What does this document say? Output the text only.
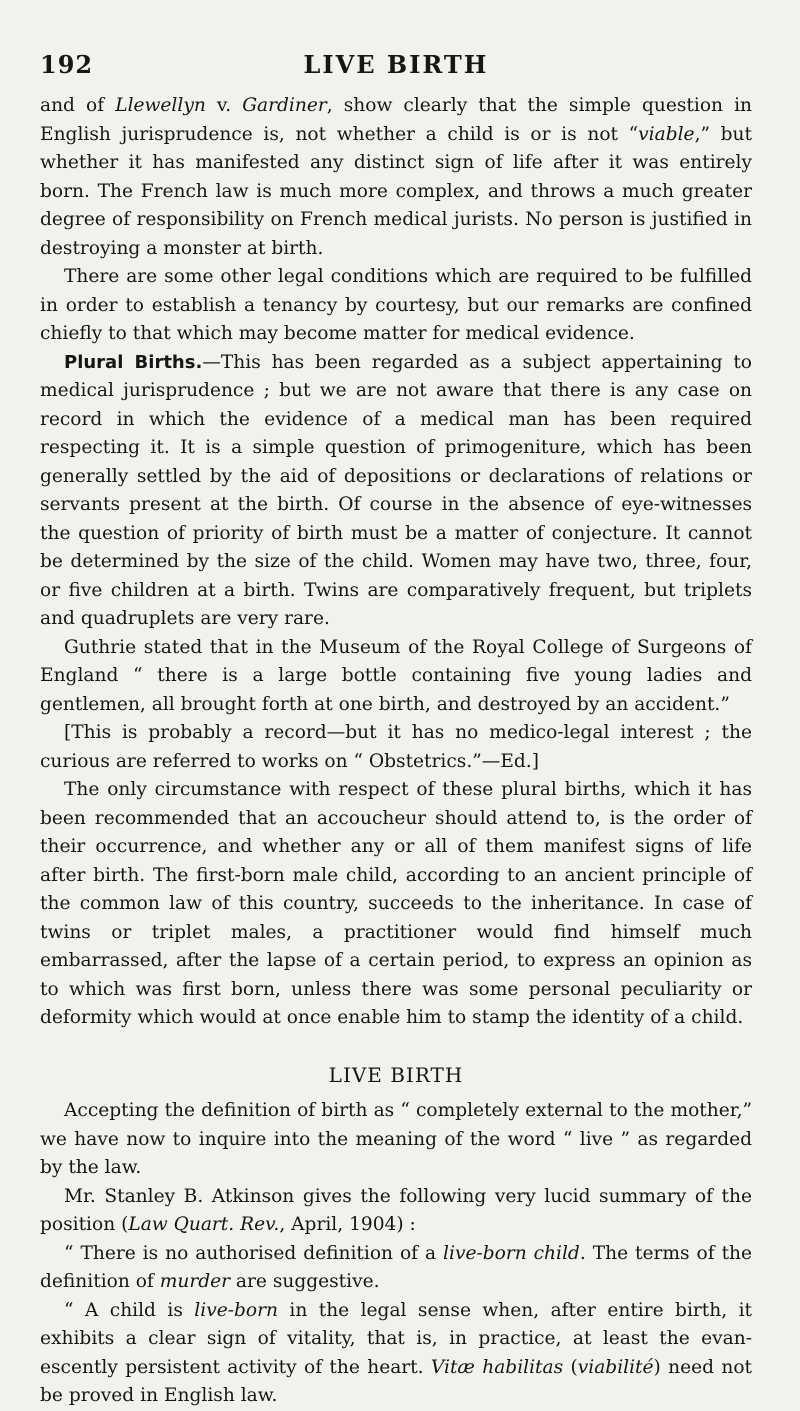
192	LIVE BIRTH

and of Llewellyn v. Gardiner, show clearly that the simple question in English jurisprudence is, not whether a child is or is not “viable,” but whether it has manifested any distinct sign of life after it was entirely born. The French law is much more complex, and throws a much greater degree of responsibility on French medical jurists. No person is justified in destroying a monster at birth.

There are some other legal conditions which are required to be fulfilled in order to establish a tenancy by courtesy, but our remarks are confined chiefly to that which may become matter for medical evidence.

Plural Births.—This has been regarded as a subject appertaining to medical jurisprudence ; but we are not aware that there is any case on record in which the evidence of a medical man has been required respecting it. It is a simple question of primogeniture, which has been generally settled by the aid of depositions or declarations of relations or servants present at the birth. Of course in the absence of eye-witnesses the question of priority of birth must be a matter of conjecture. It cannot be determined by the size of the child. Women may have two, three, four, or five children at a birth. Twins are comparatively frequent, but triplets and quadruplets are very rare.

Guthrie stated that in the Museum of the Royal College of Surgeons of England “ there is a large bottle containing five young ladies and gentlemen, all brought forth at one birth, and destroyed by an accident.”

[This is probably a record—but it has no medico-legal interest ; the curious are referred to works on “ Obstetrics.”—Ed.]

The only circumstance with respect of these plural births, which it has been recommended that an accoucheur should attend to, is the order of their occurrence, and whether any or all of them manifest signs of life after birth. The first-born male child, according to an ancient principle of the common law of this country, succeeds to the inheritance. In case of twins or triplet males, a practitioner would find himself much embarrassed, after the lapse of a certain period, to express an opinion as to which was first born, unless there was some personal peculiarity or deformity which would at once enable him to stamp the identity of a child.

LIVE BIRTH

Accepting the definition of birth as “ completely external to the mother,” we have now to inquire into the meaning of the word “ live ” as regarded by the law.

Mr. Stanley B. Atkinson gives the following very lucid summary of the position (Law Quart. Rev., April, 1904) :

“ There is no authorised definition of a live-born child. The terms of the definition of murder are suggestive.

“ A child is live-born in the legal sense when, after entire birth, it exhibits a clear sign of vitality, that is, in practice, at least the evan-escently persistent activity of the heart. Vitæ habilitas (viabilité) need not be proved in English law.
